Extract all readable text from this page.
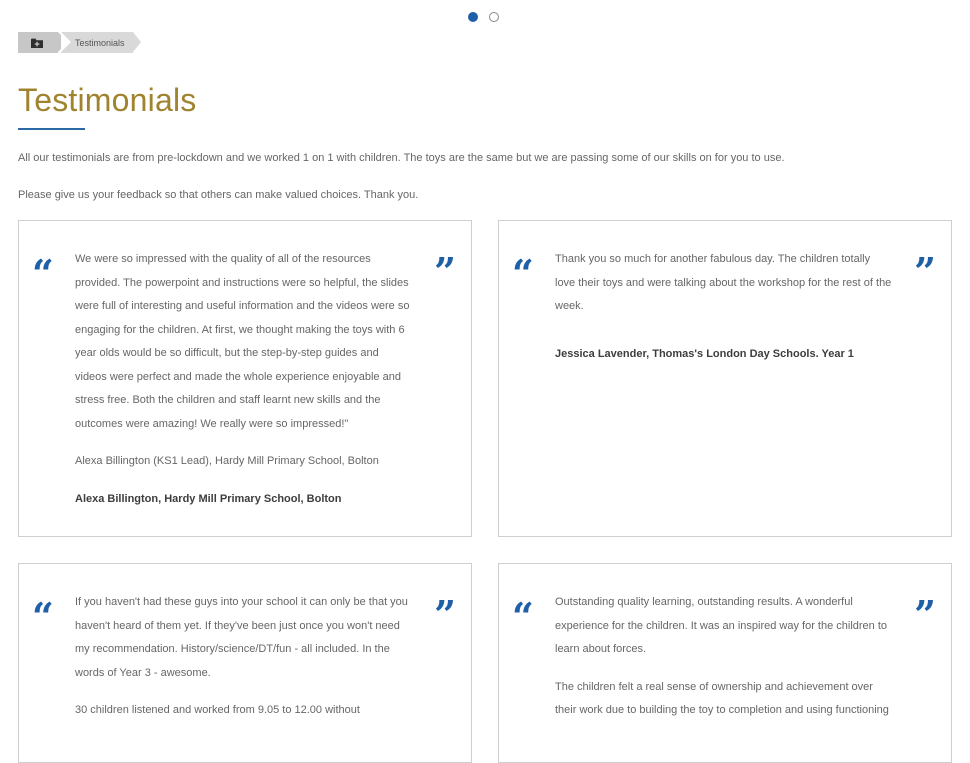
Testimonials
Testimonials

All our testimonials are from pre-lockdown and we worked 1 on 1 with children. The toys are the same but we are passing some of our skills on for you to use.

Please give us your feedback so that others can make valued choices. Thank you.

“	”

We were so impressed with the quality of all of the resources provided. The powerpoint and instructions were so helpful, the slides were full of interesting and useful information and the videos were so engaging for the children. At first, we thought making the toys with 6 year olds would be so difficult, but the step-by-step guides and videos were perfect and made the whole experience enjoyable and stress free. Both the children and staff learnt new skills and the outcomes were amazing! We really were so impressed!"

Alexa Billington (KS1 Lead), Hardy Mill Primary School, Bolton

Alexa Billington, Hardy Mill Primary School, Bolton

“	”

Thank you so much for another fabulous day. The children totally love their toys and were talking about the workshop for the rest of the week.

Jessica Lavender, Thomas's London Day Schools. Year 1

“	”

If you haven't had these guys into your school it can only be that you haven't heard of them yet. If they've been just once you won't need my recommendation. History/science/DT/fun - all included. In the words of Year 3 - awesome.

30 children listened and worked from 9.05 to 12.00 without

“	”

Outstanding quality learning, outstanding results. A wonderful experience for the children. It was an inspired way for the children to learn about forces.

The children felt a real sense of ownership and achievement over their work due to building the toy to completion and using functioning
